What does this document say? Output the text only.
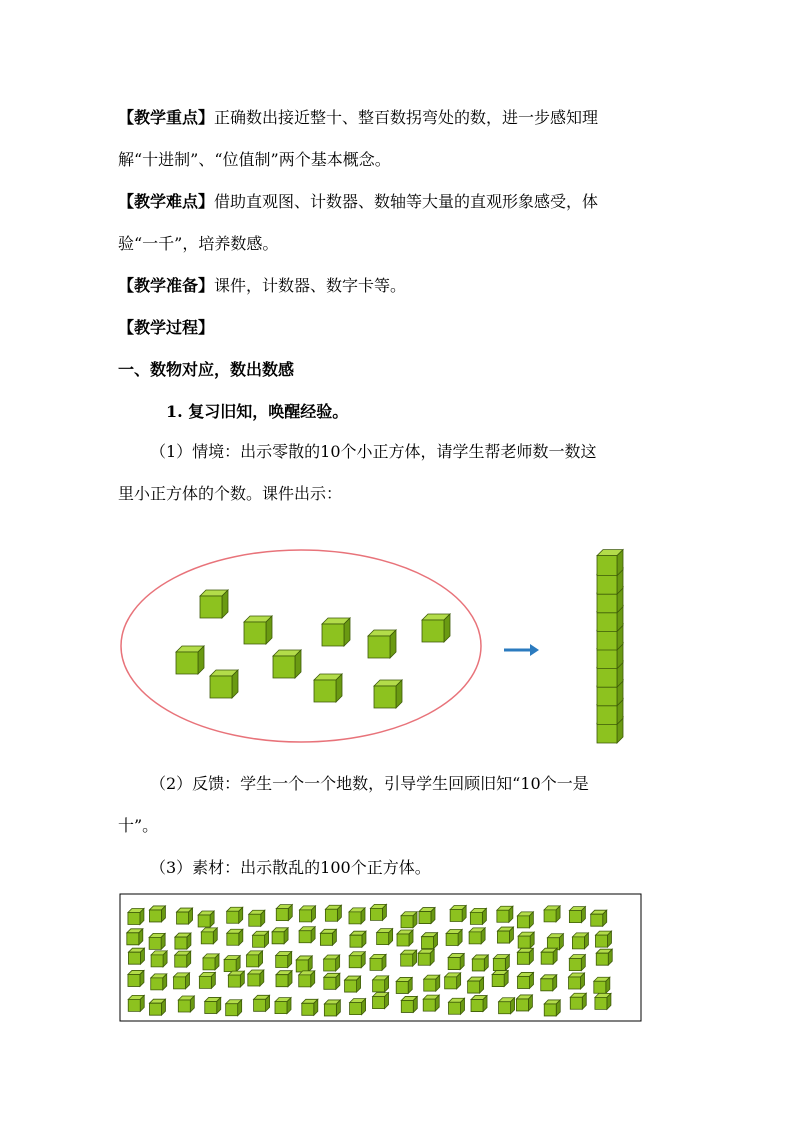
【教学重点】正确数出接近整十、整百数拐弯处的数，进一步感知理
解“十进制”、“位值制”两个基本概念。
【教学难点】借助直观图、计数器、数轴等大量的直观形象感受，体
验“一千”，培养数感。
【教学准备】课件，计数器、数字卡等。
【教学过程】
一、数物对应，数出数感
1. 复习旧知，唤醒经验。
（1）情境：出示零散的10个小正方体，请学生帮老师数一数这
里小正方体的个数。课件出示：
（2）反馈：学生一个一个地数，引导学生回顾旧知“10个一是
十”。
（3）素材：出示散乱的100个正方体。
